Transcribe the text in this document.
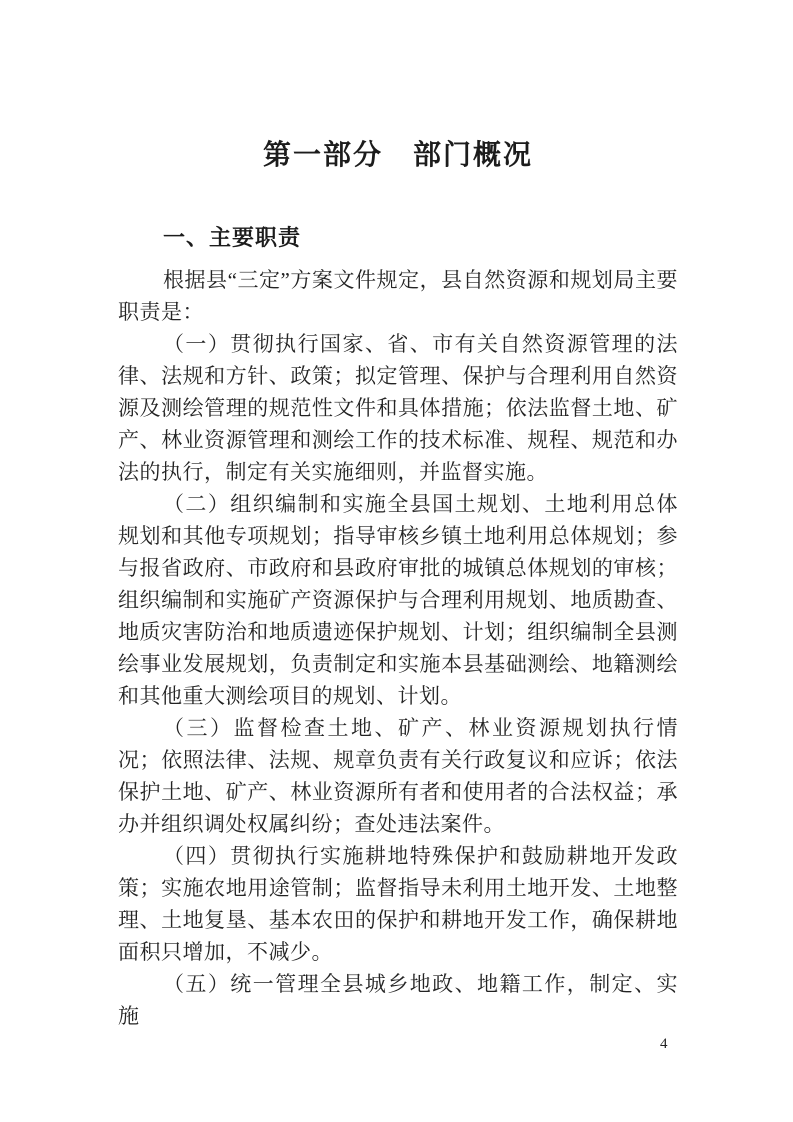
第一部分　部门概况
一、主要职责

根据县“三定”方案文件规定，县自然资源和规划局主要职责是：

（一）贯彻执行国家、省、市有关自然资源管理的法律、法规和方针、政策；拟定管理、保护与合理利用自然资源及测绘管理的规范性文件和具体措施；依法监督土地、矿产、林业资源管理和测绘工作的技术标准、规程、规范和办法的执行，制定有关实施细则，并监督实施。

（二）组织编制和实施全县国土规划、土地利用总体规划和其他专项规划；指导审核乡镇土地利用总体规划；参与报省政府、市政府和县政府审批的城镇总体规划的审核；组织编制和实施矿产资源保护与合理利用规划、地质勘查、地质灾害防治和地质遗迹保护规划、计划；组织编制全县测绘事业发展规划，负责制定和实施本县基础测绘、地籍测绘和其他重大测绘项目的规划、计划。

（三）监督检查土地、矿产、林业资源规划执行情况；依照法律、法规、规章负责有关行政复议和应诉；依法保护土地、矿产、林业资源所有者和使用者的合法权益；承办并组织调处权属纠纷；查处违法案件。

（四）贯彻执行实施耕地特殊保护和鼓励耕地开发政策；实施农地用途管制；监督指导未利用土地开发、土地整理、土地复垦、基本农田的保护和耕地开发工作，确保耕地面积只增加，不减少。

（五）统一管理全县城乡地政、地籍工作，制定、实施

4
